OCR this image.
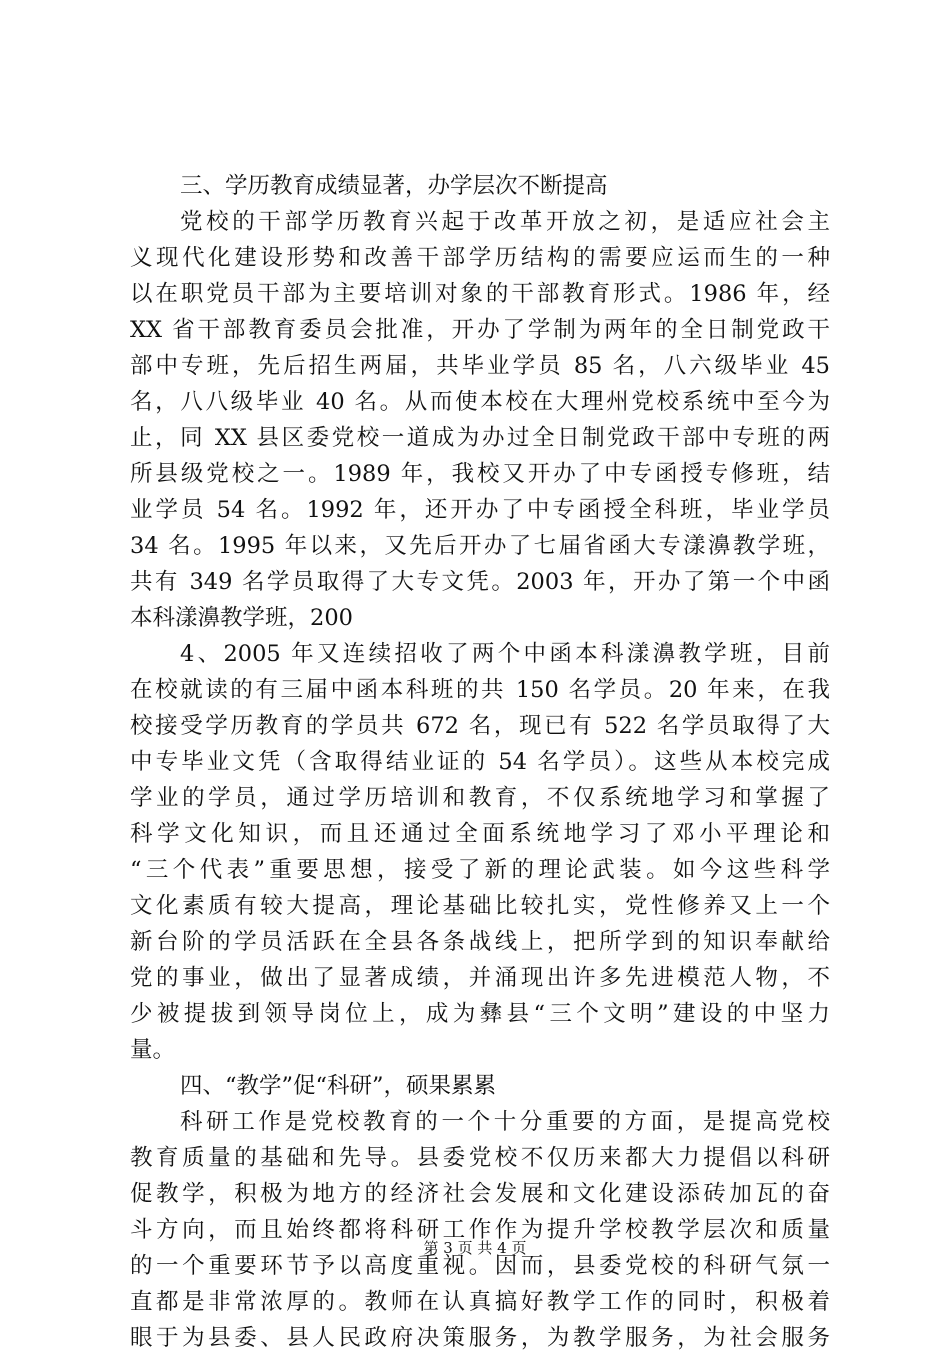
三、学历教育成绩显著，办学层次不断提高
党校的干部学历教育兴起于改革开放之初，是适应社会主
义现代化建设形势和改善干部学历结构的需要应运而生的一种
以在职党员干部为主要培训对象的干部教育形式。1986 年，经
XX 省干部教育委员会批准，开办了学制为两年的全日制党政干
部中专班，先后招生两届，共毕业学员 85 名，八六级毕业 45
名，八八级毕业 40 名。从而使本校在大理州党校系统中至今为
止，同 XX 县区委党校一道成为办过全日制党政干部中专班的两
所县级党校之一。1989 年，我校又开办了中专函授专修班，结
业学员 54 名。1992 年，还开办了中专函授全科班，毕业学员
34 名。1995 年以来，又先后开办了七届省函大专漾濞教学班，
共有 349 名学员取得了大专文凭。2003 年，开办了第一个中函
本科漾濞教学班，200
4、2005 年又连续招收了两个中函本科漾濞教学班，目前
在校就读的有三届中函本科班的共 150 名学员。20 年来，在我
校接受学历教育的学员共 672 名，现已有 522 名学员取得了大
中专毕业文凭（含取得结业证的 54 名学员）。这些从本校完成
学业的学员，通过学历培训和教育，不仅系统地学习和掌握了
科学文化知识，而且还通过全面系统地学习了邓小平理论和
“三个代表”重要思想，接受了新的理论武装。如今这些科学
文化素质有较大提高，理论基础比较扎实，党性修养又上一个
新台阶的学员活跃在全县各条战线上，把所学到的知识奉献给
党的事业，做出了显著成绩，并涌现出许多先进模范人物，不
少被提拔到领导岗位上，成为彝县“三个文明”建设的中坚力
量。
四、“教学”促“科研”，硕果累累
科研工作是党校教育的一个十分重要的方面，是提高党校
教育质量的基础和先导。县委党校不仅历来都大力提倡以科研
促教学，积极为地方的经济社会发展和文化建设添砖加瓦的奋
斗方向，而且始终都将科研工作作为提升学校教学层次和质量
的一个重要环节予以高度重视。因而，县委党校的科研气氛一
直都是非常浓厚的。教师在认真搞好教学工作的同时，积极着
眼于为县委、县人民政府决策服务，为教学服务，为社会服务
第 3 页 共 4 页
